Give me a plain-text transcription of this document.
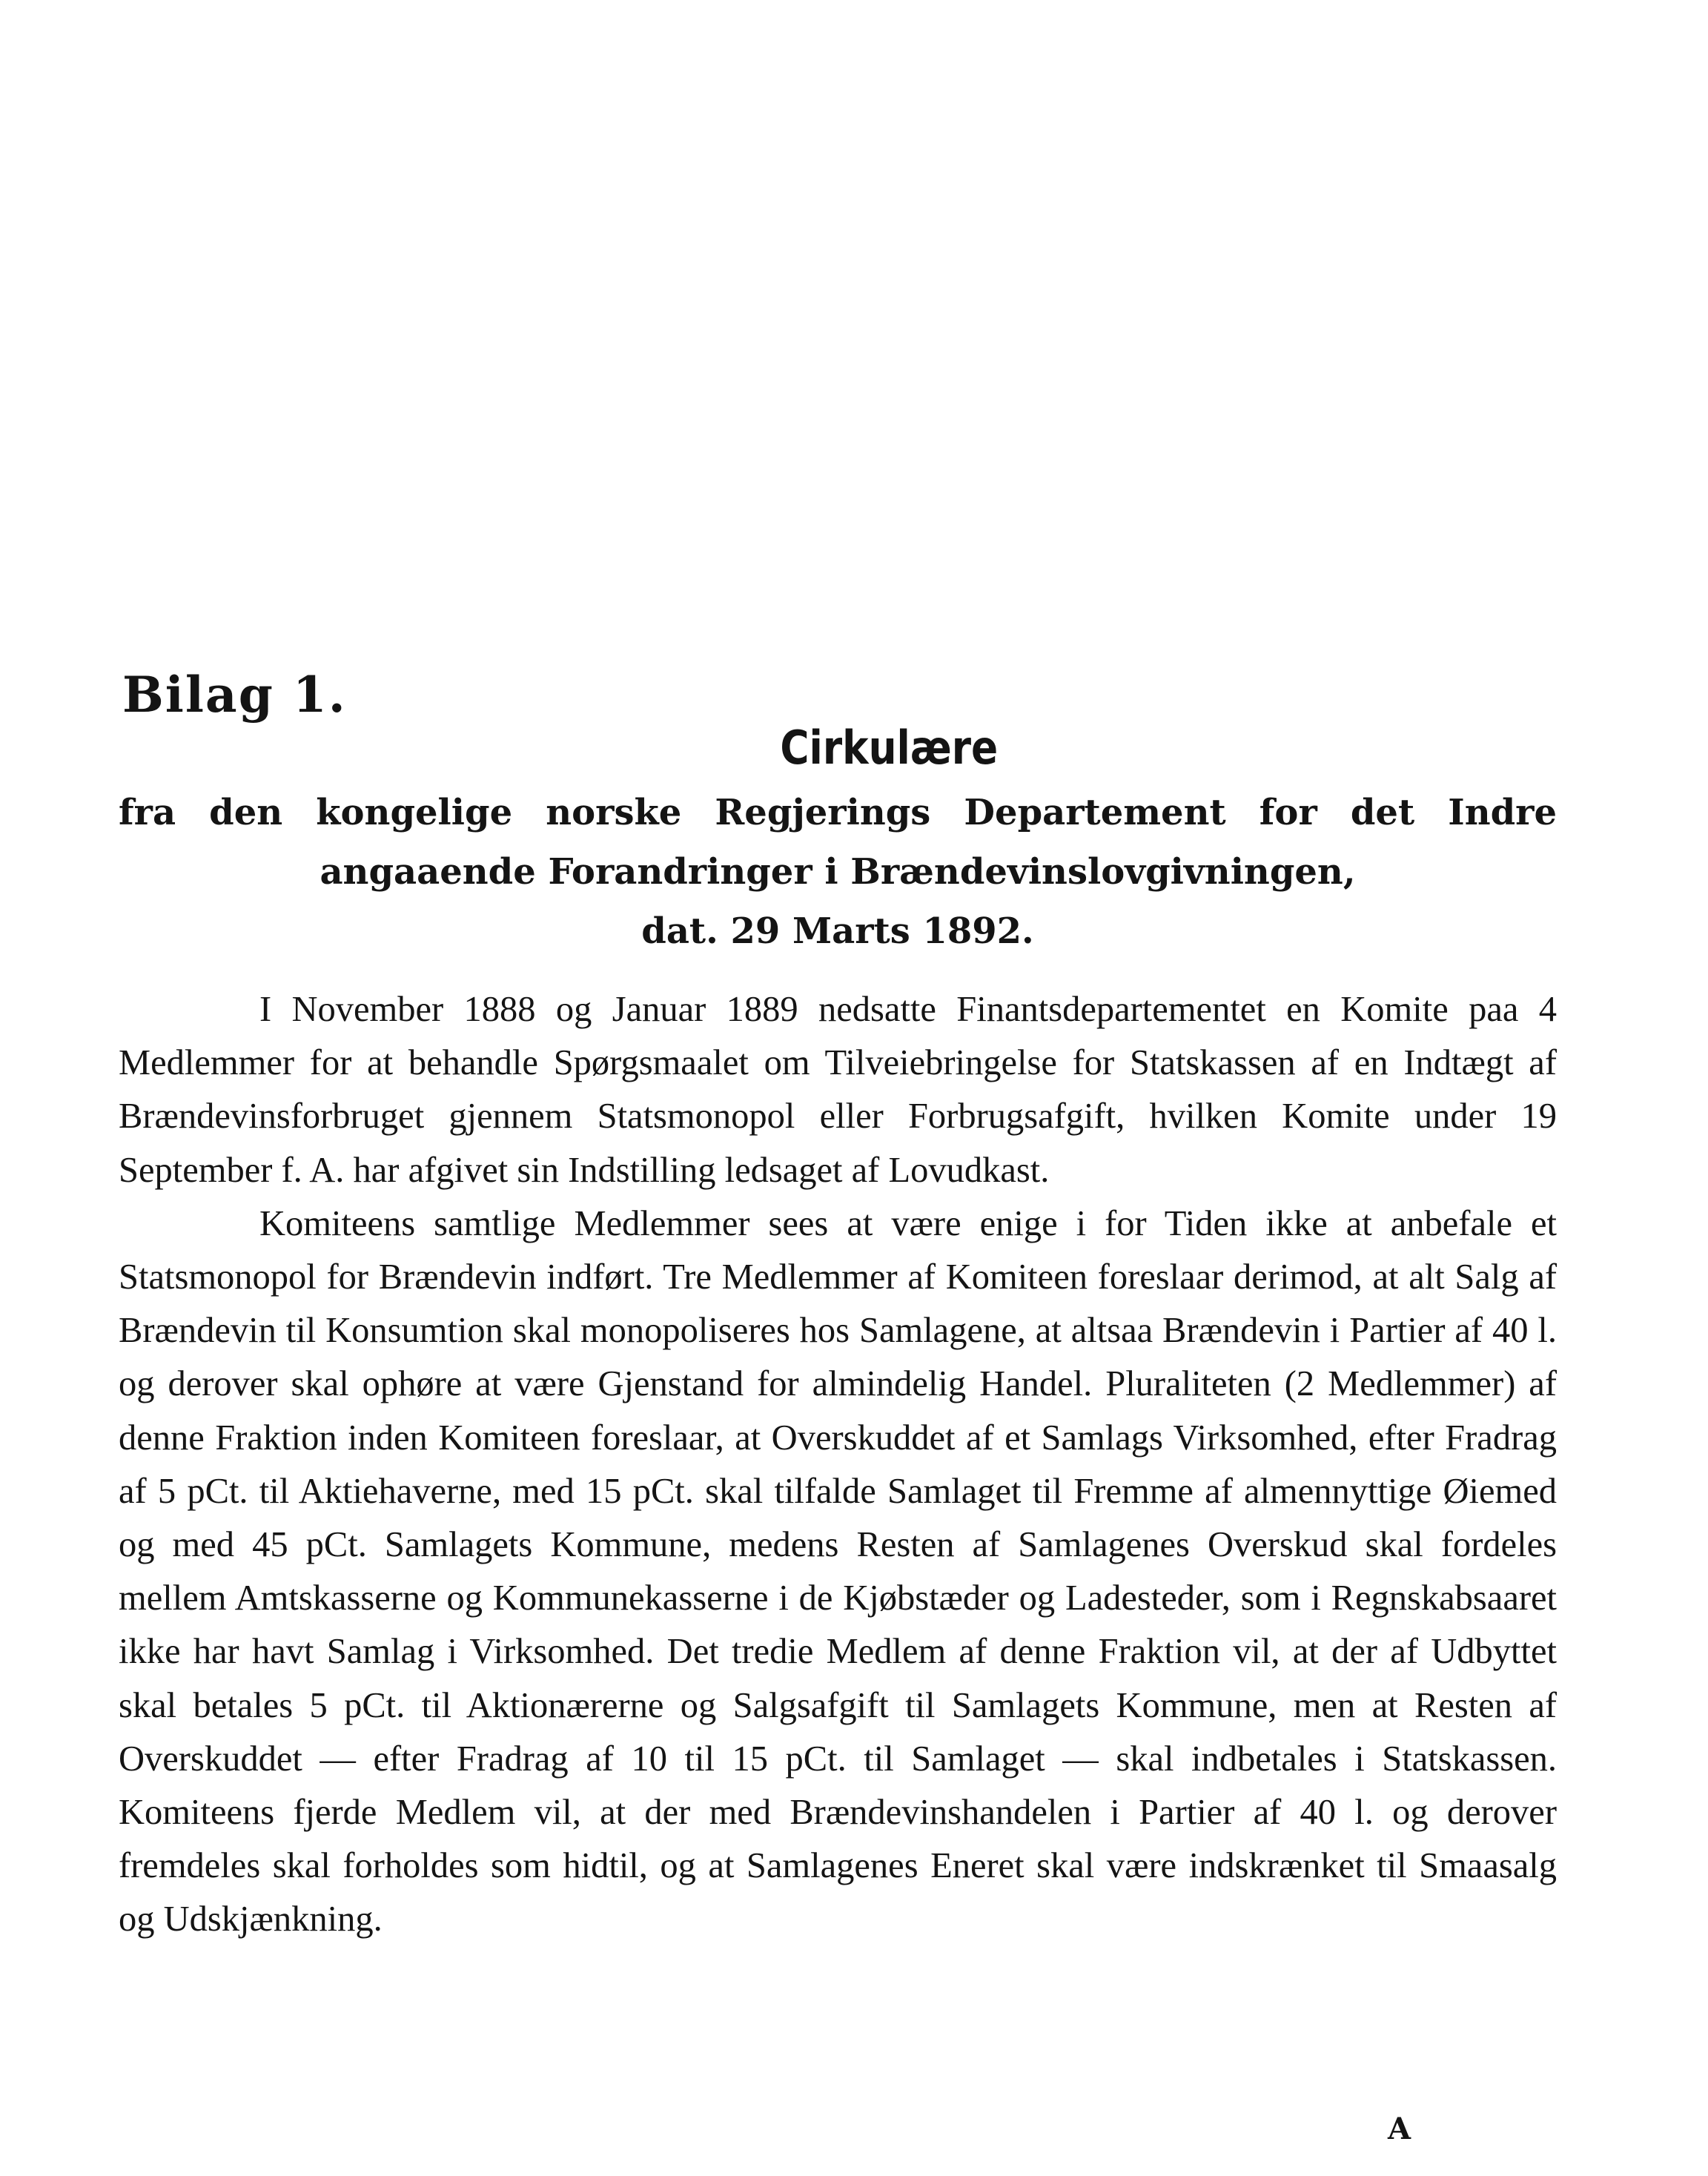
Bilag 1.
Cirkulære
fra den kongelige norske Regjerings Departement for det Indre
angaaende Forandringer i Brændevinslovgivningen,
dat. 29 Marts 1892.

I November 1888 og Januar 1889 nedsatte Finantsdepartementet en Komite paa 4 Medlemmer for at behandle Spørgsmaalet om Tilveiebringelse for Statskassen af en Indtægt af Brændevinsforbruget gjennem Statsmonopol eller Forbrugsafgift, hvilken Komite under 19 September f. A. har afgivet sin Indstilling ledsaget af Lovudkast.

Komiteens samtlige Medlemmer sees at være enige i for Tiden ikke at anbefale et Statsmonopol for Brændevin indført. Tre Medlemmer af Komiteen foreslaar derimod, at alt Salg af Brændevin til Konsumtion skal monopoliseres hos Samlagene, at altsaa Brændevin i Partier af 40 l. og derover skal ophøre at være Gjenstand for almindelig Handel. Pluraliteten (2 Medlemmer) af denne Fraktion inden Komiteen foreslaar, at Overskuddet af et Samlags Virksomhed, efter Fradrag af 5 pCt. til Aktiehaverne, med 15 pCt. skal tilfalde Samlaget til Fremme af almennyttige Øiemed og med 45 pCt. Samlagets Kommune, medens Resten af Samlagenes Overskud skal fordeles mellem Amtskasserne og Kommunekasserne i de Kjøbstæder og Ladesteder, som i Regnskabsaaret ikke har havt Samlag i Virksomhed. Det tredie Medlem af denne Fraktion vil, at der af Udbyttet skal betales 5 pCt. til Aktionærerne og Salgsafgift til Samlagets Kommune, men at Resten af Overskuddet — efter Fradrag af 10 til 15 pCt. til Samlaget — skal indbetales i Statskassen. Komiteens fjerde Medlem vil, at der med Brændevinshandelen i Partier af 40 l. og derover fremdeles skal forholdes som hidtil, og at Samlagenes Eneret skal være indskrænket til Smaasalg og Udskjænkning.

A
